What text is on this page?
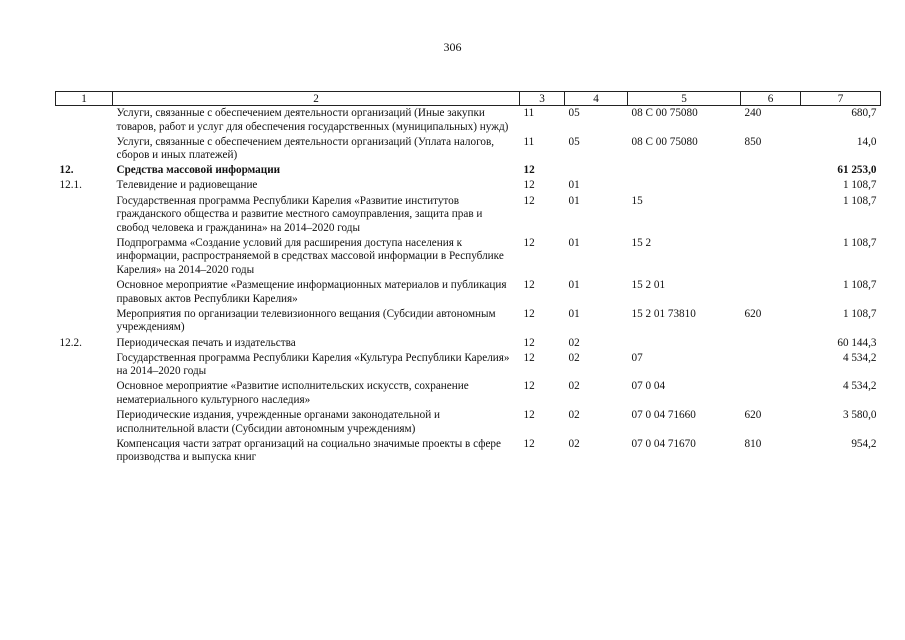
306
1	2	3	4	5	6	7
	Услуги, связанные с обеспечением деятельности организаций (Иные закупки товаров, работ и услуг для обеспечения государственных (муниципальных) нужд)	11	05	08 С 00 75080	240	680,7
	Услуги, связанные с обеспечением деятельности организаций (Уплата налогов, сборов и иных платежей)	11	05	08 С 00 75080	850	14,0
12.	Средства массовой информации	12				61 253,0
12.1.	Телевидение и радиовещание	12	01			1 108,7
	Государственная программа Республики Карелия «Развитие институтов гражданского общества и развитие местного самоуправления, защита прав и свобод человека и гражданина» на 2014–2020 годы	12	01	15		1 108,7
	Подпрограмма «Создание условий для расширения доступа населения к информации, распространяемой в средствах массовой информации в Республике Карелия» на 2014–2020 годы	12	01	15 2		1 108,7
	Основное мероприятие «Размещение информационных материалов и публикация правовых актов Республики Карелия»	12	01	15 2 01		1 108,7
	Мероприятия по организации телевизионного вещания (Субсидии автономным учреждениям)	12	01	15 2 01 73810	620	1 108,7
12.2.	Периодическая печать и издательства	12	02			60 144,3
	Государственная программа Республики Карелия «Культура Республики Карелия» на 2014–2020 годы	12	02	07		4 534,2
	Основное мероприятие «Развитие исполнительских искусств, сохранение нематериального культурного наследия»	12	02	07 0 04		4 534,2
	Периодические издания, учрежденные органами законодательной и исполнительной власти (Субсидии автономным учреждениям)	12	02	07 0 04 71660	620	3 580,0
	Компенсация части затрат организаций на социально значимые проекты в сфере производства и выпуска книг	12	02	07 0 04 71670	810	954,2
